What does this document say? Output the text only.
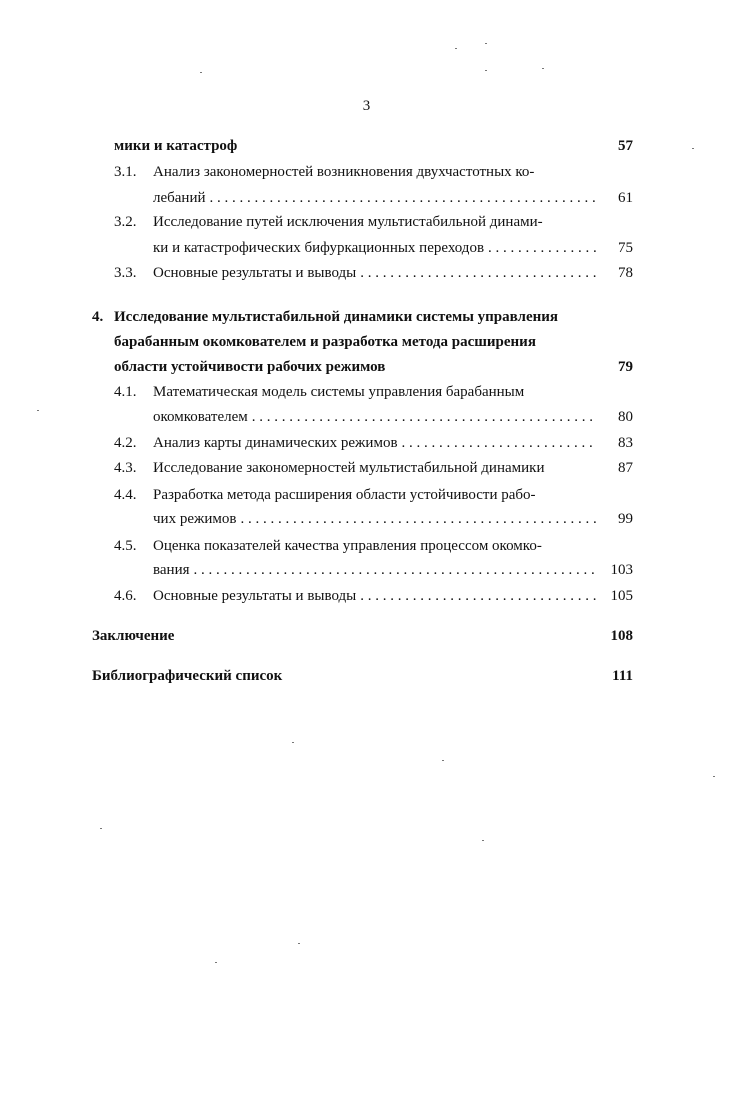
3
мики и катастроф	57
3.1. Анализ закономерностей возникновения двухчастотных ко-
лебаний . . .	61
3.2. Исследование путей исключения мультистабильной динами-
ки и катастрофических бифуркационных переходов . . .	75
3.3. Основные результаты и выводы . . .	78
4. Исследование мультистабильной динамики системы управления
барабанным окомкователем и разработка метода расширения
области устойчивости рабочих режимов	79
4.1. Математическая модель системы управления барабанным
окомкователем . . .	80
4.2. Анализ карты динамических режимов . . .	83
4.3. Исследование закономерностей мультистабильной динамики	87
4.4. Разработка метода расширения области устойчивости рабо-
чих режимов . . .	99
4.5. Оценка показателей качества управления процессом окомко-
вания . . .	103
4.6. Основные результаты и выводы . . .	105
Заключение	108
Библиографический список	111
